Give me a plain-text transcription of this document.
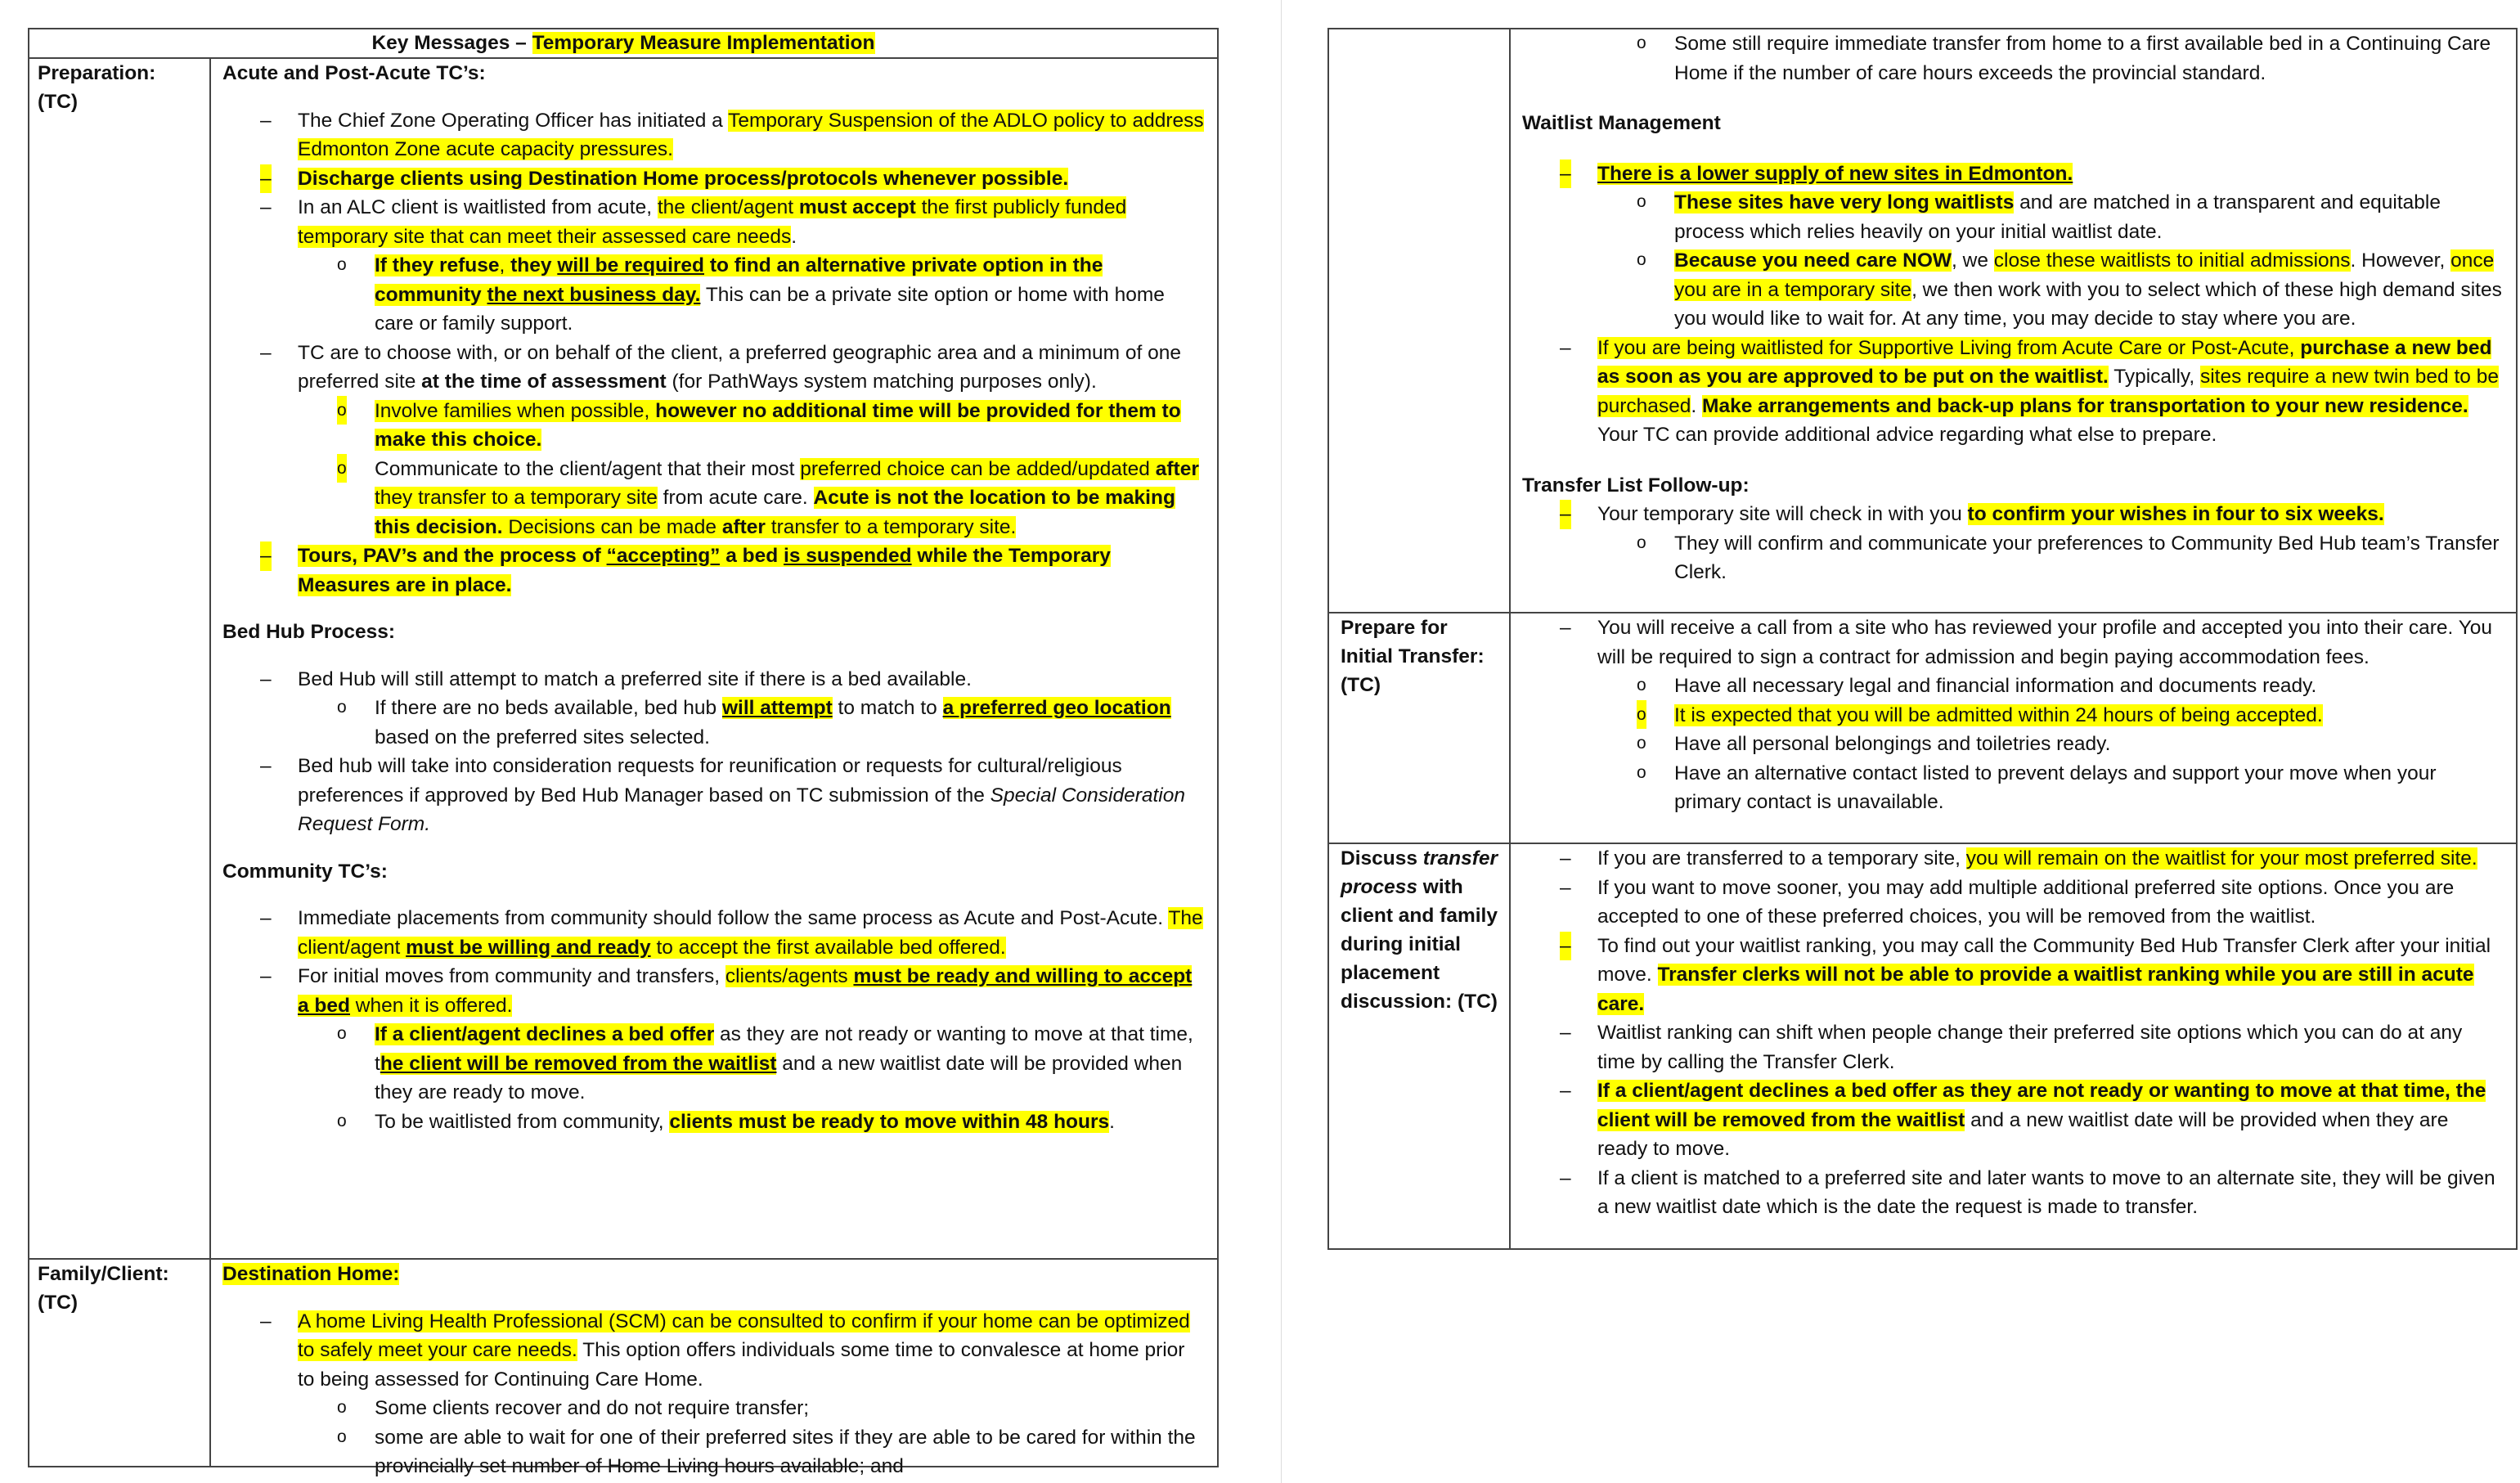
Key Messages – Temporary Measure Implementation
Preparation:
(TC)

Acute and Post-Acute TC’s:

– The Chief Zone Operating Officer has initiated a Temporary Suspension of the ADLO policy to address Edmonton Zone acute capacity pressures.

– Discharge clients using Destination Home process/protocols whenever possible.

– In an ALC client is waitlisted from acute, the client/agent must accept the first publicly funded temporary site that can meet their assessed care needs.

o If they refuse, they will be required to find an alternative private option in the community the next business day. This can be a private site option or home with home care or family support.

– TC are to choose with, or on behalf of the client, a preferred geographic area and a minimum of one preferred site at the time of assessment (for PathWays system matching purposes only).

o Involve families when possible, however no additional time will be provided for them to make this choice.

o Communicate to the client/agent that their most preferred choice can be added/updated after they transfer to a temporary site from acute care. Acute is not the location to be making this decision. Decisions can be made after transfer to a temporary site.

– Tours, PAV’s and the process of “accepting” a bed is suspended while the Temporary Measures are in place.

Bed Hub Process:

– Bed Hub will still attempt to match a preferred site if there is a bed available.

o If there are no beds available, bed hub will attempt to match to a preferred geo location based on the preferred sites selected.

– Bed hub will take into consideration requests for reunification or requests for cultural/religious preferences if approved by Bed Hub Manager based on TC submission of the Special Consideration Request Form.

Community TC’s:

– Immediate placements from community should follow the same process as Acute and Post-Acute. The client/agent must be willing and ready to accept the first available bed offered.

– For initial moves from community and transfers, clients/agents must be ready and willing to accept a bed when it is offered.

o If a client/agent declines a bed offer as they are not ready or wanting to move at that time, the client will be removed from the waitlist and a new waitlist date will be provided when they are ready to move.

o To be waitlisted from community, clients must be ready to move within 48 hours.

Family/Client:
(TC)

Destination Home:

– A home Living Health Professional (SCM) can be consulted to confirm if your home can be optimized to safely meet your care needs. This option offers individuals some time to convalesce at home prior to being assessed for Continuing Care Home.

o Some clients recover and do not require transfer;

o some are able to wait for one of their preferred sites if they are able to be cared for within the provincially set number of Home Living hours available; and

o Some still require immediate transfer from home to a first available bed in a Continuing Care Home if the number of care hours exceeds the provincial standard.

Waitlist Management

– There is a lower supply of new sites in Edmonton.

o These sites have very long waitlists and are matched in a transparent and equitable process which relies heavily on your initial waitlist date.

o Because you need care NOW, we close these waitlists to initial admissions. However, once you are in a temporary site, we then work with you to select which of these high demand sites you would like to wait for. At any time, you may decide to stay where you are.

– If you are being waitlisted for Supportive Living from Acute Care or Post-Acute, purchase a new bed as soon as you are approved to be put on the waitlist. Typically, sites require a new twin bed to be purchased. Make arrangements and back-up plans for transportation to your new residence. Your TC can provide additional advice regarding what else to prepare.

Transfer List Follow-up:

– Your temporary site will check in with you to confirm your wishes in four to six weeks.

o They will confirm and communicate your preferences to Community Bed Hub team’s Transfer Clerk.

Prepare for
Initial Transfer:
(TC)

– You will receive a call from a site who has reviewed your profile and accepted you into their care. You will be required to sign a contract for admission and begin paying accommodation fees.

o Have all necessary legal and financial information and documents ready.

o It is expected that you will be admitted within 24 hours of being accepted.

o Have all personal belongings and toiletries ready.

o Have an alternative contact listed to prevent delays and support your move when your primary contact is unavailable.

Discuss transfer process with client and family during initial placement discussion: (TC)

– If you are transferred to a temporary site, you will remain on the waitlist for your most preferred site.

– If you want to move sooner, you may add multiple additional preferred site options. Once you are accepted to one of these preferred choices, you will be removed from the waitlist.

– To find out your waitlist ranking, you may call the Community Bed Hub Transfer Clerk after your initial move. Transfer clerks will not be able to provide a waitlist ranking while you are still in acute care.

– Waitlist ranking can shift when people change their preferred site options which you can do at any time by calling the Transfer Clerk.

– If a client/agent declines a bed offer as they are not ready or wanting to move at that time, the client will be removed from the waitlist and a new waitlist date will be provided when they are ready to move.

– If a client is matched to a preferred site and later wants to move to an alternate site, they will be given a new waitlist date which is the date the request is made to transfer.
